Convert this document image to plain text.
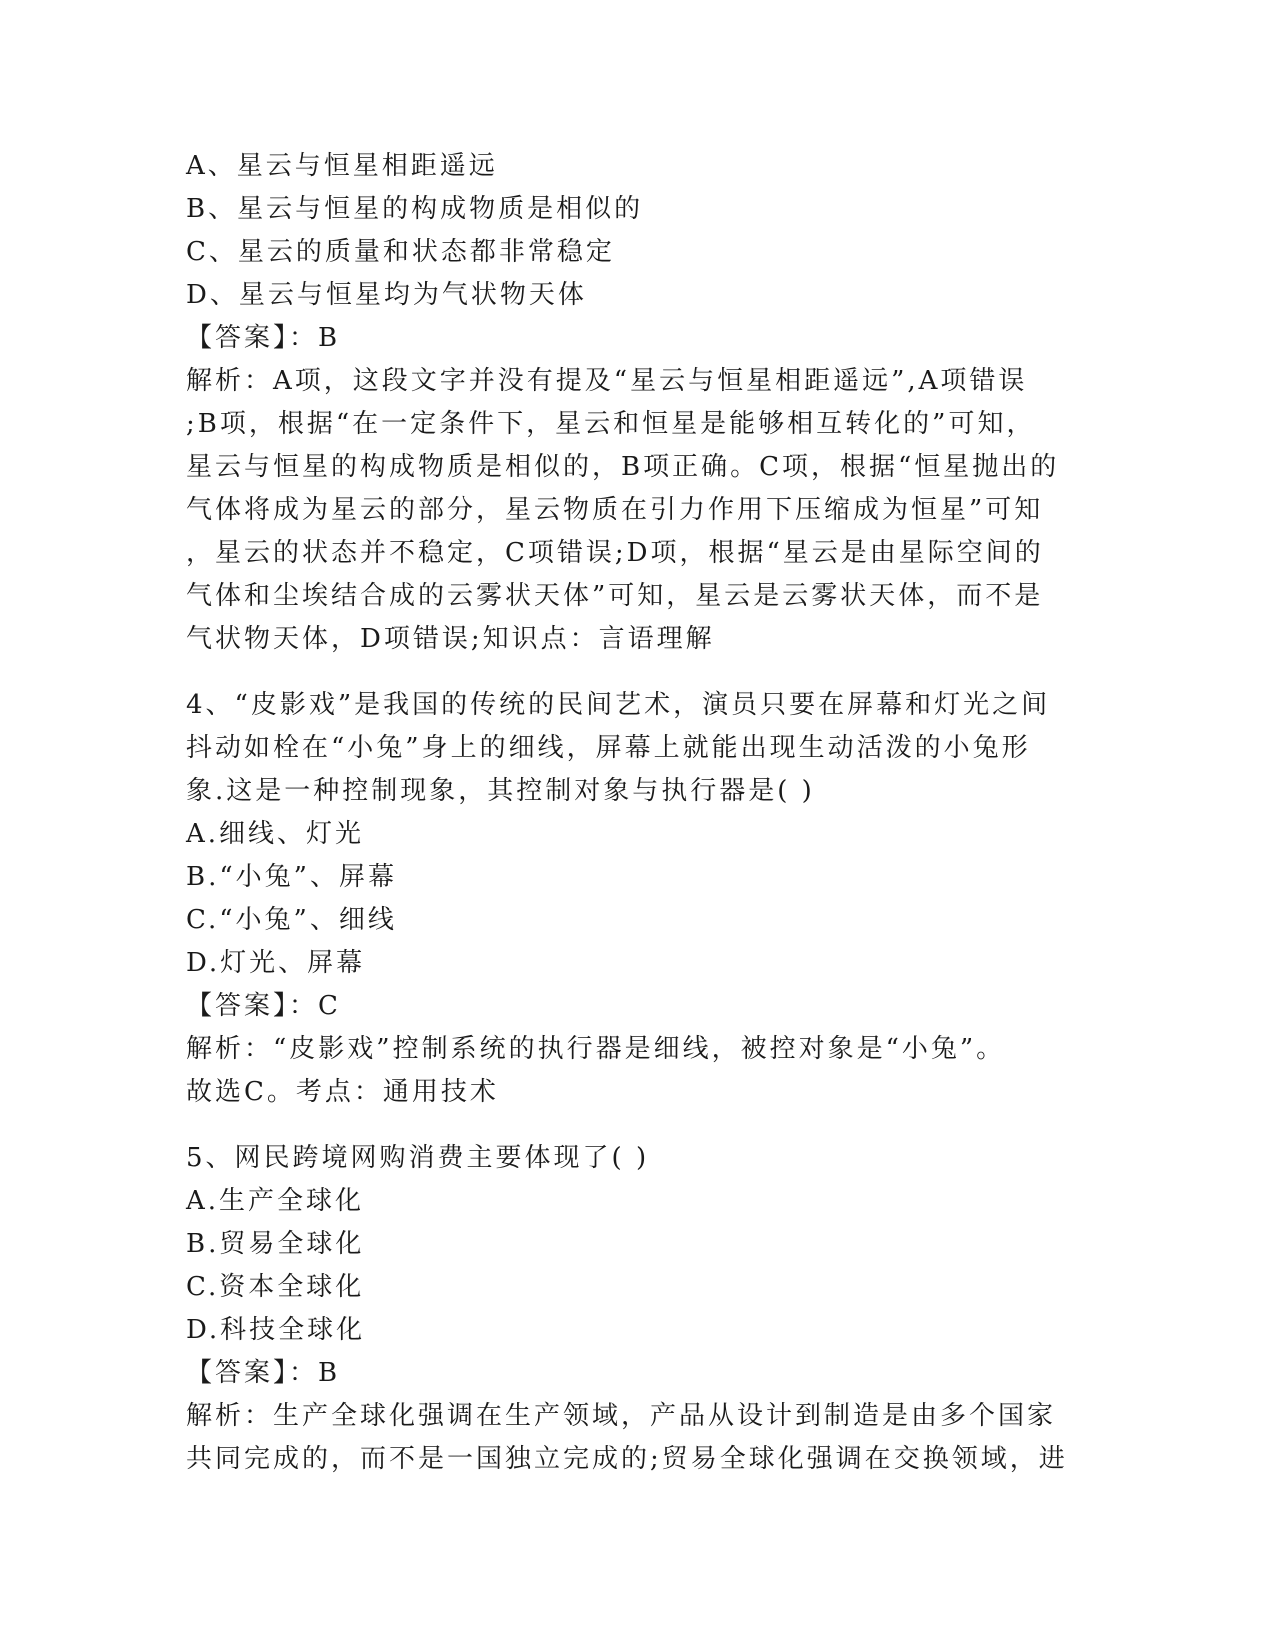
A、星云与恒星相距遥远
B、星云与恒星的构成物质是相似的
C、星云的质量和状态都非常稳定
D、星云与恒星均为气状物天体
【答案】：B
解析：A项，这段文字并没有提及“星云与恒星相距遥远”,A项错误
;B项，根据“在一定条件下，星云和恒星是能够相互转化的”可知，
星云与恒星的构成物质是相似的，B项正确。C项，根据“恒星抛出的
气体将成为星云的部分，星云物质在引力作用下压缩成为恒星”可知
，星云的状态并不稳定，C项错误;D项，根据“星云是由星际空间的
气体和尘埃结合成的云雾状天体”可知，星云是云雾状天体，而不是
气状物天体，D项错误;知识点：言语理解
4、“皮影戏”是我国的传统的民间艺术，演员只要在屏幕和灯光之间
抖动如栓在“小兔”身上的细线，屏幕上就能出现生动活泼的小兔形
象.这是一种控制现象，其控制对象与执行器是( )
A.细线、灯光
B.“小兔”、屏幕
C.“小兔”、细线
D.灯光、屏幕
【答案】：C
解析：“皮影戏”控制系统的执行器是细线，被控对象是“小兔”。
故选C。考点：通用技术
5、网民跨境网购消费主要体现了( )
A.生产全球化
B.贸易全球化
C.资本全球化
D.科技全球化
【答案】：B
解析：生产全球化强调在生产领域，产品从设计到制造是由多个国家
共同完成的，而不是一国独立完成的;贸易全球化强调在交换领域，进
